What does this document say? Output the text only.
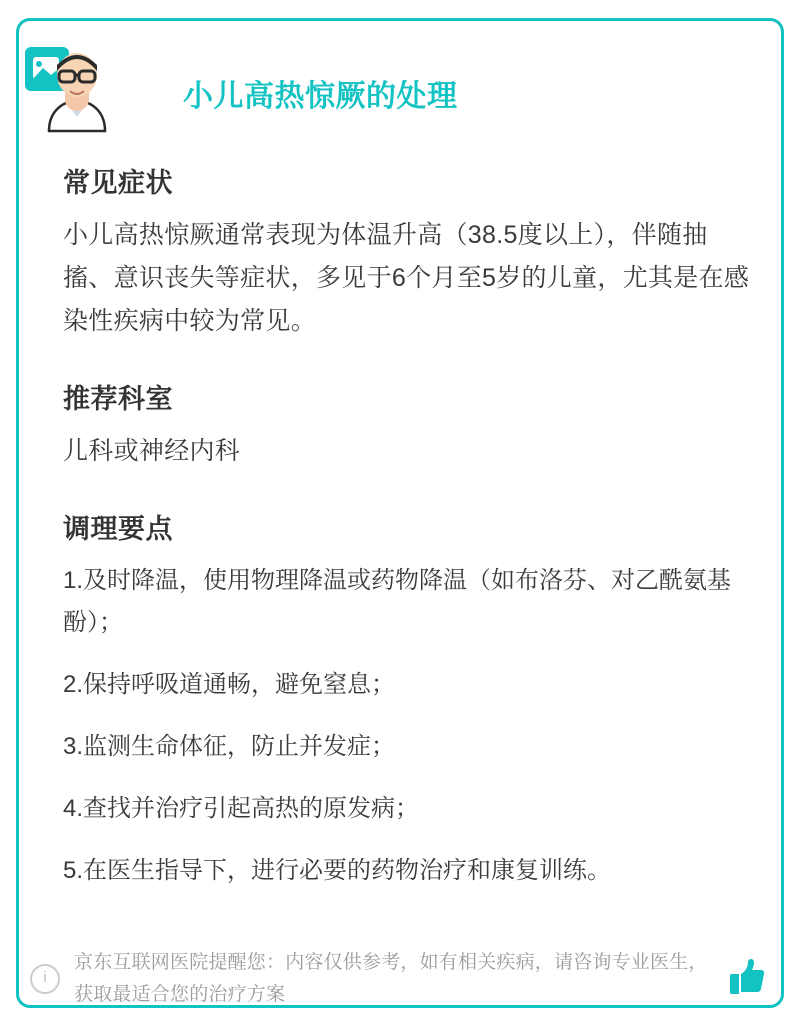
小儿高热惊厥的处理
常见症状

小儿高热惊厥通常表现为体温升高（38.5度以上），伴随抽搐、意识丧失等症状，多见于6个月至5岁的儿童，尤其是在感染性疾病中较为常见。

推荐科室

儿科或神经内科

调理要点
1.及时降温，使用物理降温或药物降温（如布洛芬、对乙酰氨基酚）；
2.保持呼吸道通畅，避免窒息；
3.监测生命体征，防止并发症；
4.查找并治疗引起高热的原发病；
5.在医生指导下，进行必要的药物治疗和康复训练。
i
京东互联网医院提醒您：内容仅供参考，如有相关疾病，请咨询专业医生，获取最适合您的治疗方案
